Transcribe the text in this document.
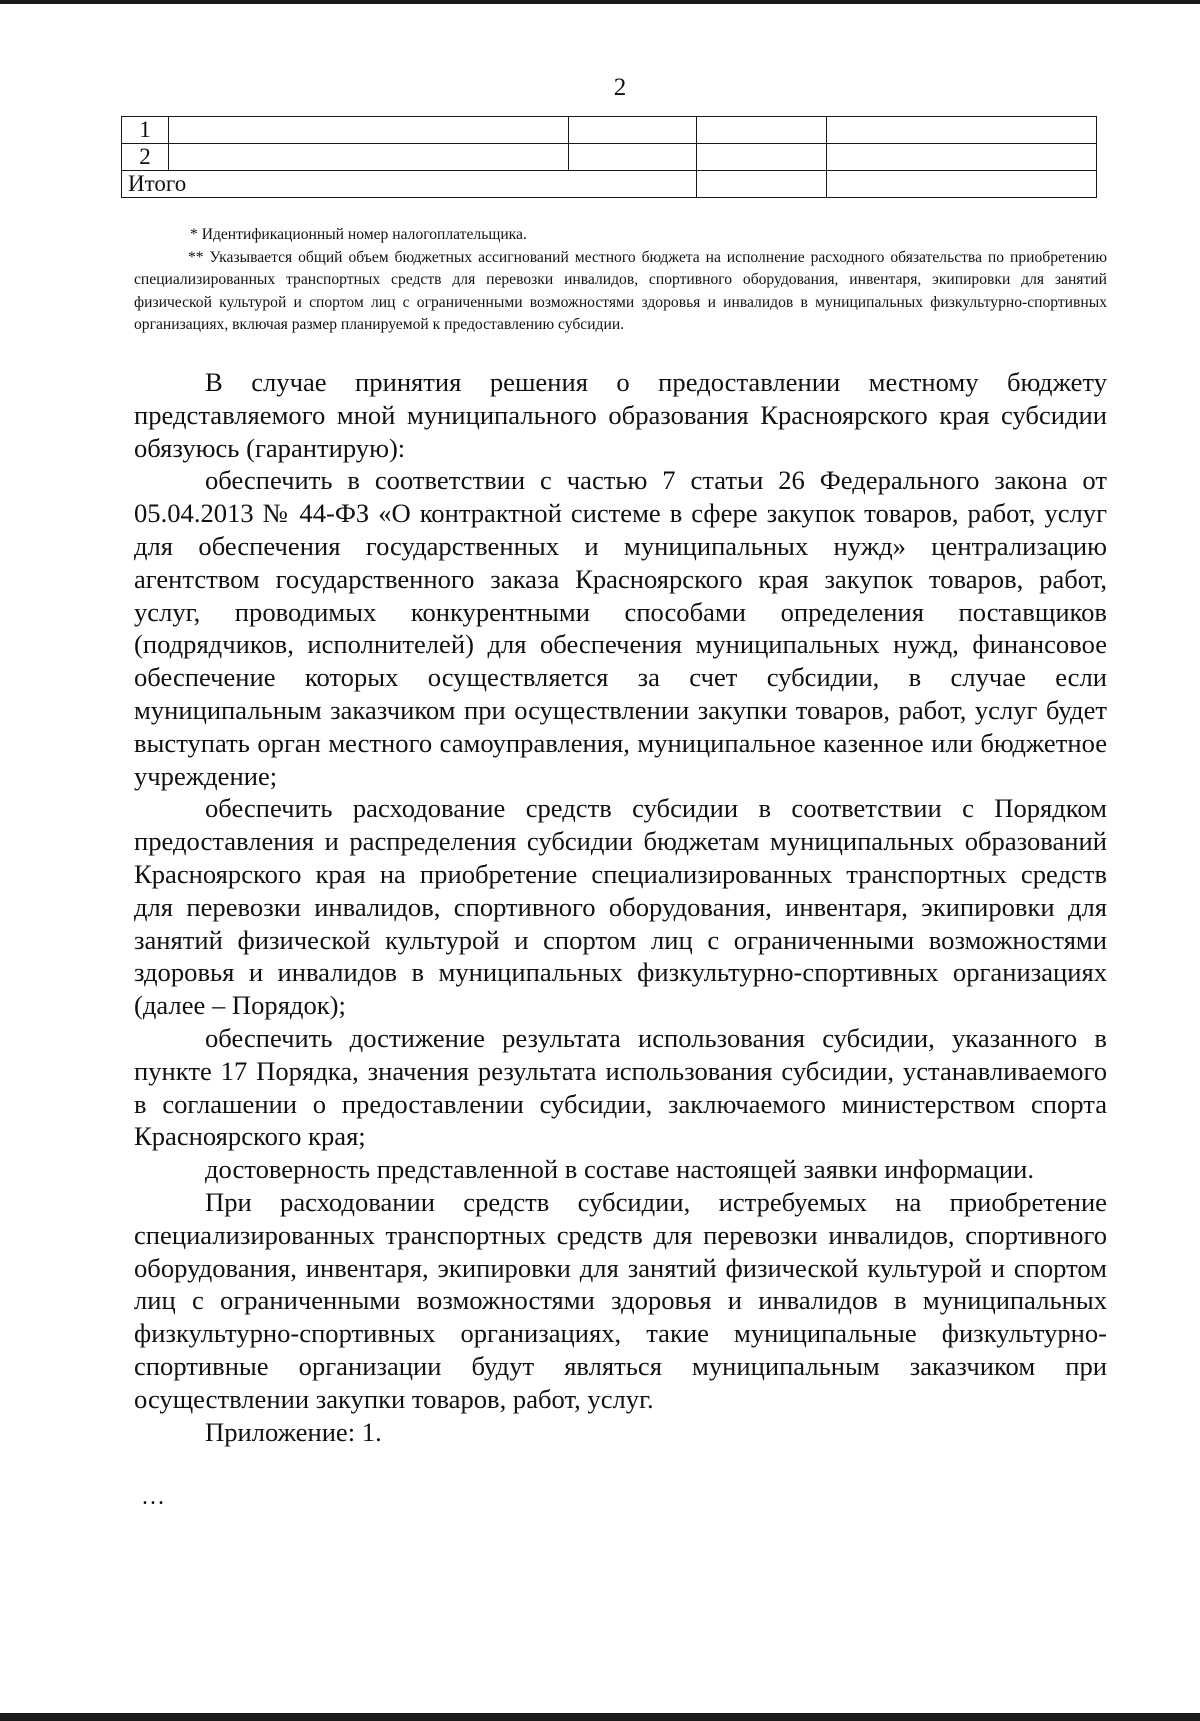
2
1				
2				
Итого				

* Идентификационный номер налогоплательщика.

** Указывается общий объем бюджетных ассигнований местного бюджета на исполнение расходного обязательства по приобретению специализированных транспортных средств для перевозки инвалидов, спортивного оборудования, инвентаря, экипировки для занятий физической культурой и спортом лиц с ограниченными возможностями здоровья и инвалидов в муниципальных физкультурно-спортивных организациях, включая размер планируемой к предоставлению субсидии.

В случае принятия решения о предоставлении местному бюджету представляемого мной муниципального образования Красноярского края субсидии обязуюсь (гарантирую):

обеспечить в соответствии с частью 7 статьи 26 Федерального закона от 05.04.2013 № 44-ФЗ «О контрактной системе в сфере закупок товаров, работ, услуг для обеспечения государственных и муниципальных нужд» централизацию агентством государственного заказа Красноярского края закупок товаров, работ, услуг, проводимых конкурентными способами определения поставщиков (подрядчиков, исполнителей) для обеспечения муниципальных нужд, финансовое обеспечение которых осуществляется за счет субсидии, в случае если муниципальным заказчиком при осуществлении закупки товаров, работ, услуг будет выступать орган местного самоуправления, муниципальное казенное или бюджетное учреждение;

обеспечить расходование средств субсидии в соответствии с Порядком предоставления и распределения субсидии бюджетам муниципальных образований Красноярского края на приобретение специализированных транспортных средств для перевозки инвалидов, спортивного оборудования, инвентаря, экипировки для занятий физической культурой и спортом лиц с ограниченными возможностями здоровья и инвалидов в муниципальных физкультурно-спортивных организациях (далее – Порядок);

обеспечить достижение результата использования субсидии, указанного в пункте 17 Порядка, значения результата использования субсидии, устанавливаемого в соглашении о предоставлении субсидии, заключаемого министерством спорта Красноярского края;

достоверность представленной в составе настоящей заявки информации.

При расходовании средств субсидии, истребуемых на приобретение специализированных транспортных средств для перевозки инвалидов, спортивного оборудования, инвентаря, экипировки для занятий физической культурой и спортом лиц с ограниченными возможностями здоровья и инвалидов в муниципальных физкультурно-спортивных организациях, такие муниципальные физкультурно-спортивные организации будут являться муниципальным заказчиком при осуществлении закупки товаров, работ, услуг.

Приложение: 1.

...
